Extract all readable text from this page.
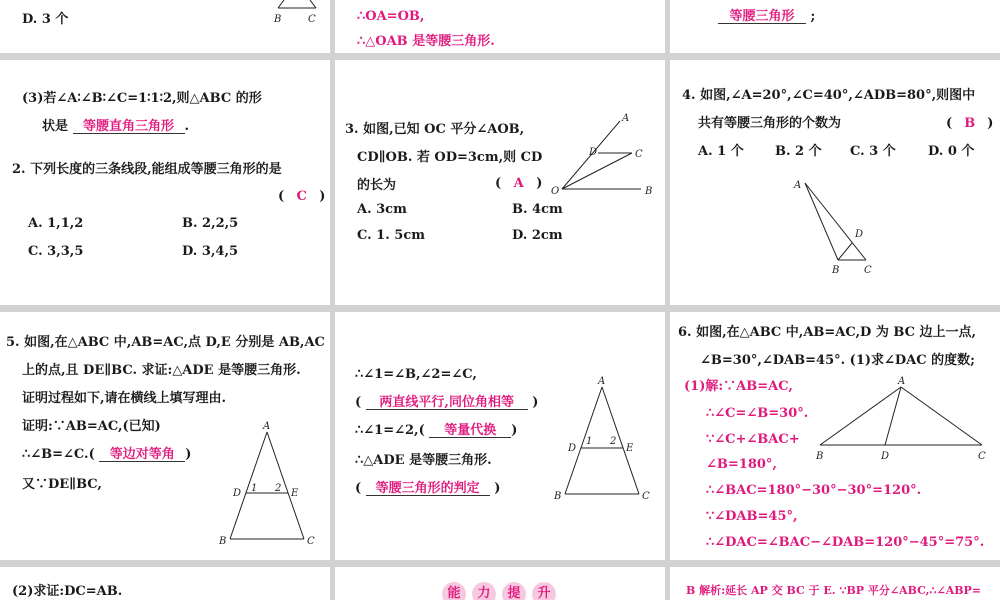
D. 3 个	B	C	∴OA=OB,
∴△OAB 是等腰三角形.
等腰三角形 ;
(3)若∠A∶∠B∶∠C=1∶1∶2,则△ABC 的形
状是 等腰直角三角形 .
2. 下列长度的三条线段,能组成等腰三角形的是
( C )
A. 1,1,2	B. 2,2,5
C. 3,3,5	D. 3,4,5
3. 如图,已知 OC 平分∠AOB,
CD∥OB. 若 OD=3cm,则 CD
的长为	( A )
A. 3cm	B. 4cm
C. 1. 5cm	D. 2cm
A
D	C
O	B
4. 如图,∠A=20°,∠C=40°,∠ADB=80°,则图中
共有等腰三角形的个数为	( B )
A. 1 个 B. 2 个 C. 3 个 D. 0 个
A
D
B C
5. 如图,在△ABC 中,AB=AC,点 D,E 分别是 AB,AC
上的点,且 DE∥BC. 求证:△ADE 是等腰三角形.
证明过程如下,请在横线上填写理由.
证明:∵AB=AC,(已知)
∴∠B=∠C.( 等边对等角 )
又∵DE∥BC,
A
D 1 2 E
B	C
∴∠1=∠B,∠2=∠C,
( 两直线平行,同位角相等 )
∴∠1=∠2,( 等量代换 )
∴△ADE 是等腰三角形.
( 等腰三角形的判定 )
A
D
1 2
E
B	C
6. 如图,在△ABC 中,AB=AC,D 为 BC 边上一点,
∠B=30°,∠DAB=45°. (1)求∠DAC 的度数;
(1)解:∵AB=AC,
∴∠C=∠B=30°.
∵∠C+∠BAC+
∠B=180°,
∴∠BAC=180°−30°−30°=120°.
∵∠DAB=45°,
∴∠DAC=∠BAC−∠DAB=120°−45°=75°.
A
B	D	C
(2)求证:DC=AB.	能	力	提	升	B 解析:延长 AP 交 BC 于 E. ∵BP 平分∠ABC,∴∠ABP=
